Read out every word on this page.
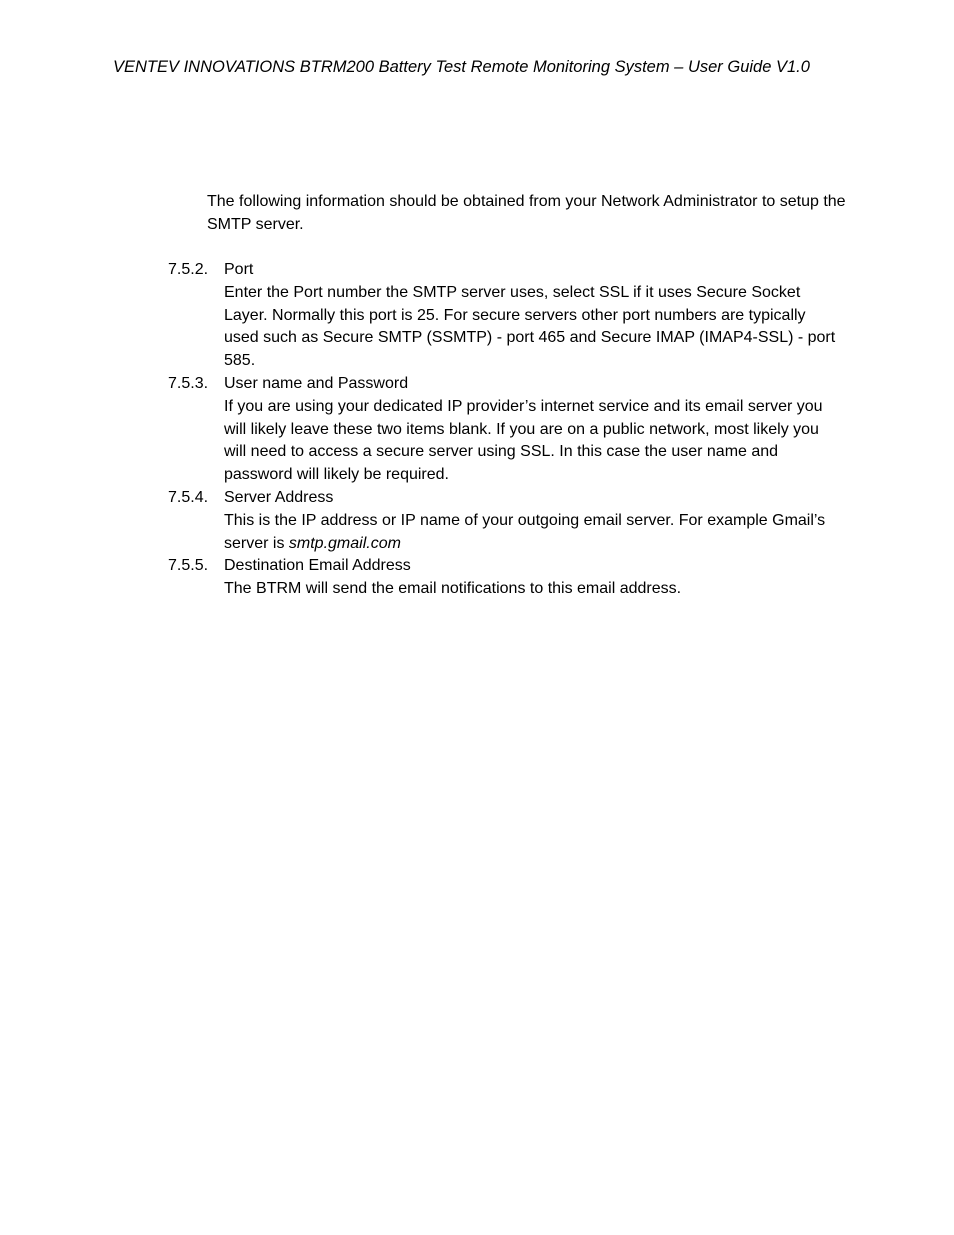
VENTEV INNOVATIONS BTRM200 Battery Test Remote Monitoring System – User Guide V1.0
The following information should be obtained from your Network Administrator to setup the SMTP server.
7.5.2. Port
Enter the Port number the SMTP server uses, select SSL if it uses Secure Socket Layer. Normally this port is 25. For secure servers other port numbers are typically used such as Secure SMTP (SSMTP) - port 465 and Secure IMAP (IMAP4-SSL) - port 585.
7.5.3. User name and Password
If you are using your dedicated IP provider’s internet service and its email server you will likely leave these two items blank. If you are on a public network, most likely you will need to access a secure server using SSL. In this case the user name and password will likely be required.
7.5.4. Server Address
This is the IP address or IP name of your outgoing email server. For example Gmail’s server is smtp.gmail.com
7.5.5. Destination Email Address
The BTRM will send the email notifications to this email address.
